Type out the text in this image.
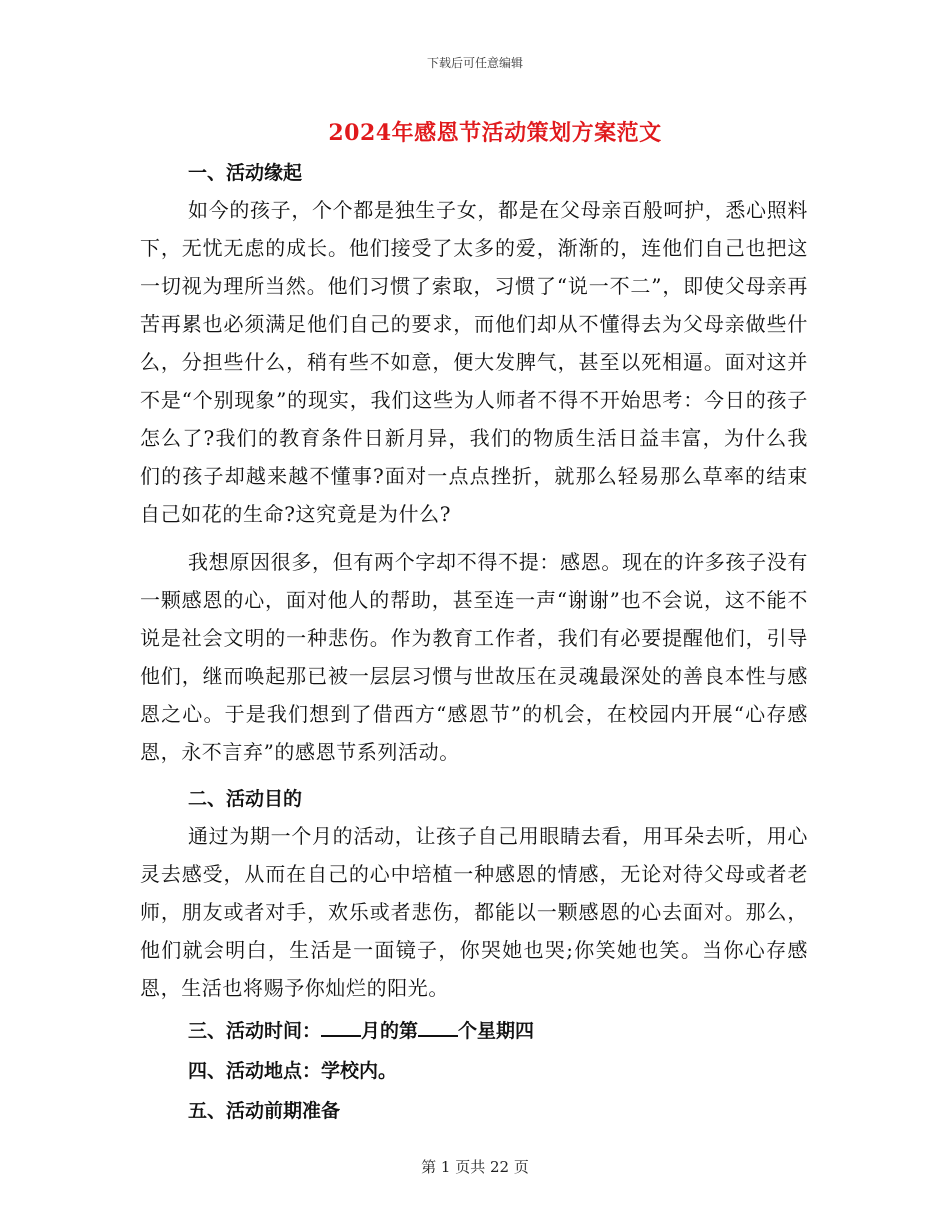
下载后可任意编辑
2024年感恩节活动策划方案范文
一、活动缘起

如今的孩子，个个都是独生子女，都是在父母亲百般呵护，悉心照料下，无忧无虑的成长。他们接受了太多的爱，渐渐的，连他们自己也把这一切视为理所当然。他们习惯了索取，习惯了“说一不二”，即使父母亲再苦再累也必须满足他们自己的要求，而他们却从不懂得去为父母亲做些什么，分担些什么，稍有些不如意，便大发脾气，甚至以死相逼。面对这并不是“个别现象”的现实，我们这些为人师者不得不开始思考：今日的孩子怎么了?我们的教育条件日新月异，我们的物质生活日益丰富，为什么我们的孩子却越来越不懂事?面对一点点挫折，就那么轻易那么草率的结束自己如花的生命?这究竟是为什么?

我想原因很多，但有两个字却不得不提：感恩。现在的许多孩子没有一颗感恩的心，面对他人的帮助，甚至连一声“谢谢”也不会说，这不能不说是社会文明的一种悲伤。作为教育工作者，我们有必要提醒他们，引导他们，继而唤起那已被一层层习惯与世故压在灵魂最深处的善良本性与感恩之心。于是我们想到了借西方“感恩节”的机会，在校园内开展“心存感恩，永不言弃”的感恩节系列活动。

二、活动目的

通过为期一个月的活动，让孩子自己用眼睛去看，用耳朵去听，用心灵去感受，从而在自己的心中培植一种感恩的情感，无论对待父母或者老师，朋友或者对手，欢乐或者悲伤，都能以一颗感恩的心去面对。那么，他们就会明白，生活是一面镜子，你哭她也哭;你笑她也笑。当你心存感恩，生活也将赐予你灿烂的阳光。

三、活动时间： 月的第 个星期四
四、活动地点：学校内。
五、活动前期准备
第 1 页共 22 页
